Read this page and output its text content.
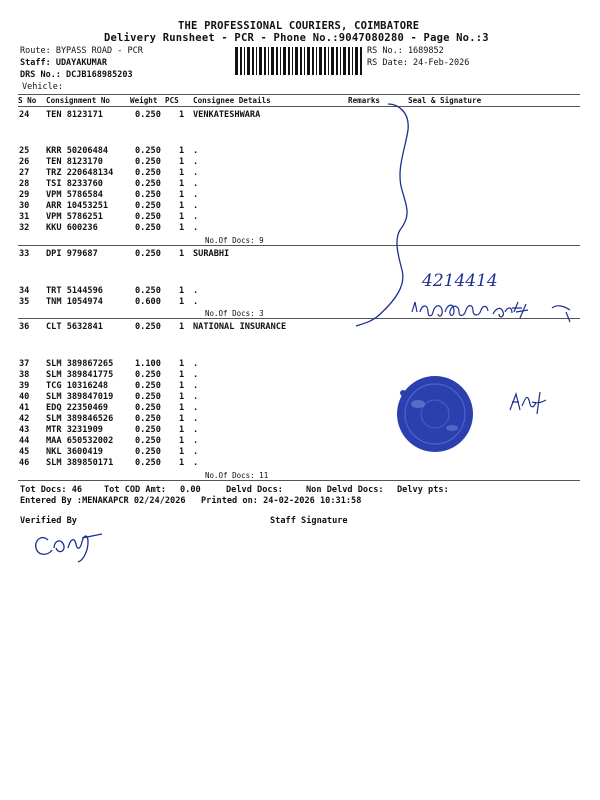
THE PROFESSIONAL COURIERS, COIMBATORE
Delivery Runsheet - PCR - Phone No.:9047080280 - Page No.:3
Route: BYPASS ROAD - PCR
Staff: UDAYAKUMAR
DRS No.: DCJB168985203
Vehicle:
RS No.: 1689852
RS Date: 24-Feb-2026
S No Consignment No	Weight PCS Consignee Details	Remarks	Seal & Signature
24 TEN 8123171	0.250 1 VENKATESHWARA
25 KRR 50206484	0.250 1 .
26 TEN 8123170	0.250 1 .
27 TRZ 220648134	0.250 1 .
28 TSI 8233760	0.250 1 .
29 VPM 5786584	0.250 1 .
30 ARR 10453251	0.250 1 .
31 VPM 5786251	0.250 1 .
32 KKU 600236	0.250 1 .
No.Of Docs: 9
33 DPI 979687	0.250 1 SURABHI
34 TRT 5144596	0.250 1 .
35 TNM 1054974	0.600 1 .
No.Of Docs: 3
36 CLT 5632841	0.250 1 NATIONAL INSURANCE
37 SLM 389867265	1.100 1 .
38 SLM 389841775	0.250 1 .
39 TCG 10316248	0.250 1 .
40 SLM 389847019	0.250 1 .
41 EDQ 22350469	0.250 1 .
42 SLM 389846526	0.250 1 .
43 MTR 3231909	0.250 1 .
44 MAA 650532002	0.250 1 .
45 NKL 3600419	0.250 1 .
46 SLM 389850171	0.250 1 .
No.Of Docs: 11
Tot Docs: 46	Tot COD Amt: 0.00	Delvd Docs:	Non Delvd Docs: Delvy pts:
Entered By :MENAKAPCR 02/24/2026 Printed on: 24-02-2026 10:31:58
Verified By	Staff Signature
4214414
